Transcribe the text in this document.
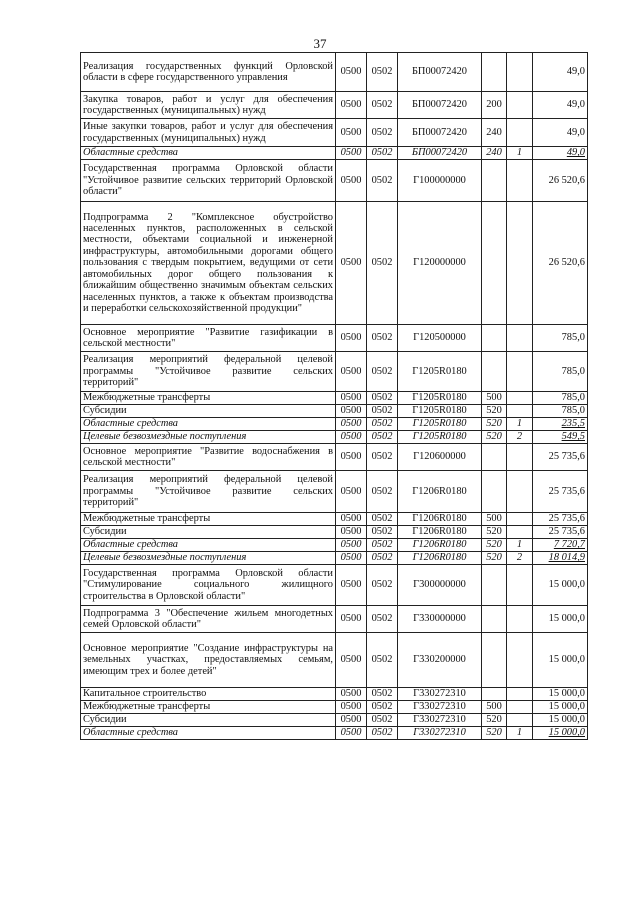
37
Реализация государственных функций Орловской области в сфере государственного управления	0500	0502	БП00072420			49,0
Закупка товаров, работ и услуг для обеспечения государственных (муниципальных) нужд	0500	0502	БП00072420	200		49,0
Иные закупки товаров, работ и услуг для обеспечения государственных (муниципальных) нужд	0500	0502	БП00072420	240		49,0
Областные средства	0500	0502	БП00072420	240	1	49,0
Государственная программа Орловской области "Устойчивое развитие сельских территорий Орловской области"	0500	0502	Г100000000			26 520,6
Подпрограмма 2 "Комплексное обустройство населенных пунктов, расположенных в сельской местности, объектами социальной и инженерной инфраструктуры, автомобильными дорогами общего пользования с твердым покрытием, ведущими от сети автомобильных дорог общего пользования к ближайшим общественно значимым объектам сельских населенных пунктов, а также к объектам производства и переработки сельскохозяйственной продукции"	0500	0502	Г120000000			26 520,6
Основное мероприятие "Развитие газификации в сельской местности"	0500	0502	Г120500000			785,0
Реализация мероприятий федеральной целевой программы "Устойчивое развитие сельских территорий"	0500	0502	Г1205R0180			785,0
Межбюджетные трансферты	0500	0502	Г1205R0180	500		785,0
Субсидии	0500	0502	Г1205R0180	520		785,0
Областные средства	0500	0502	Г1205R0180	520	1	235,5
Целевые безвозмездные поступления	0500	0502	Г1205R0180	520	2	549,5
Основное мероприятие "Развитие водоснабжения в сельской местности"	0500	0502	Г120600000			25 735,6
Реализация мероприятий федеральной целевой программы "Устойчивое развитие сельских территорий"	0500	0502	Г1206R0180			25 735,6
Межбюджетные трансферты	0500	0502	Г1206R0180	500		25 735,6
Субсидии	0500	0502	Г1206R0180	520		25 735,6
Областные средства	0500	0502	Г1206R0180	520	1	7 720,7
Целевые безвозмездные поступления	0500	0502	Г1206R0180	520	2	18 014,9
Государственная программа Орловской области "Стимулирование социального жилищного строительства в Орловской области"	0500	0502	Г300000000			15 000,0
Подпрограмма 3 "Обеспечение жильем многодетных семей Орловской области"	0500	0502	Г330000000			15 000,0
Основное мероприятие "Создание инфраструктуры на земельных участках, предоставляемых семьям, имеющим трех и более детей"	0500	0502	Г330200000			15 000,0
Капитальное строительство	0500	0502	Г330272310			15 000,0
Межбюджетные трансферты	0500	0502	Г330272310	500		15 000,0
Субсидии	0500	0502	Г330272310	520		15 000,0
Областные средства	0500	0502	Г330272310	520	1	15 000,0
